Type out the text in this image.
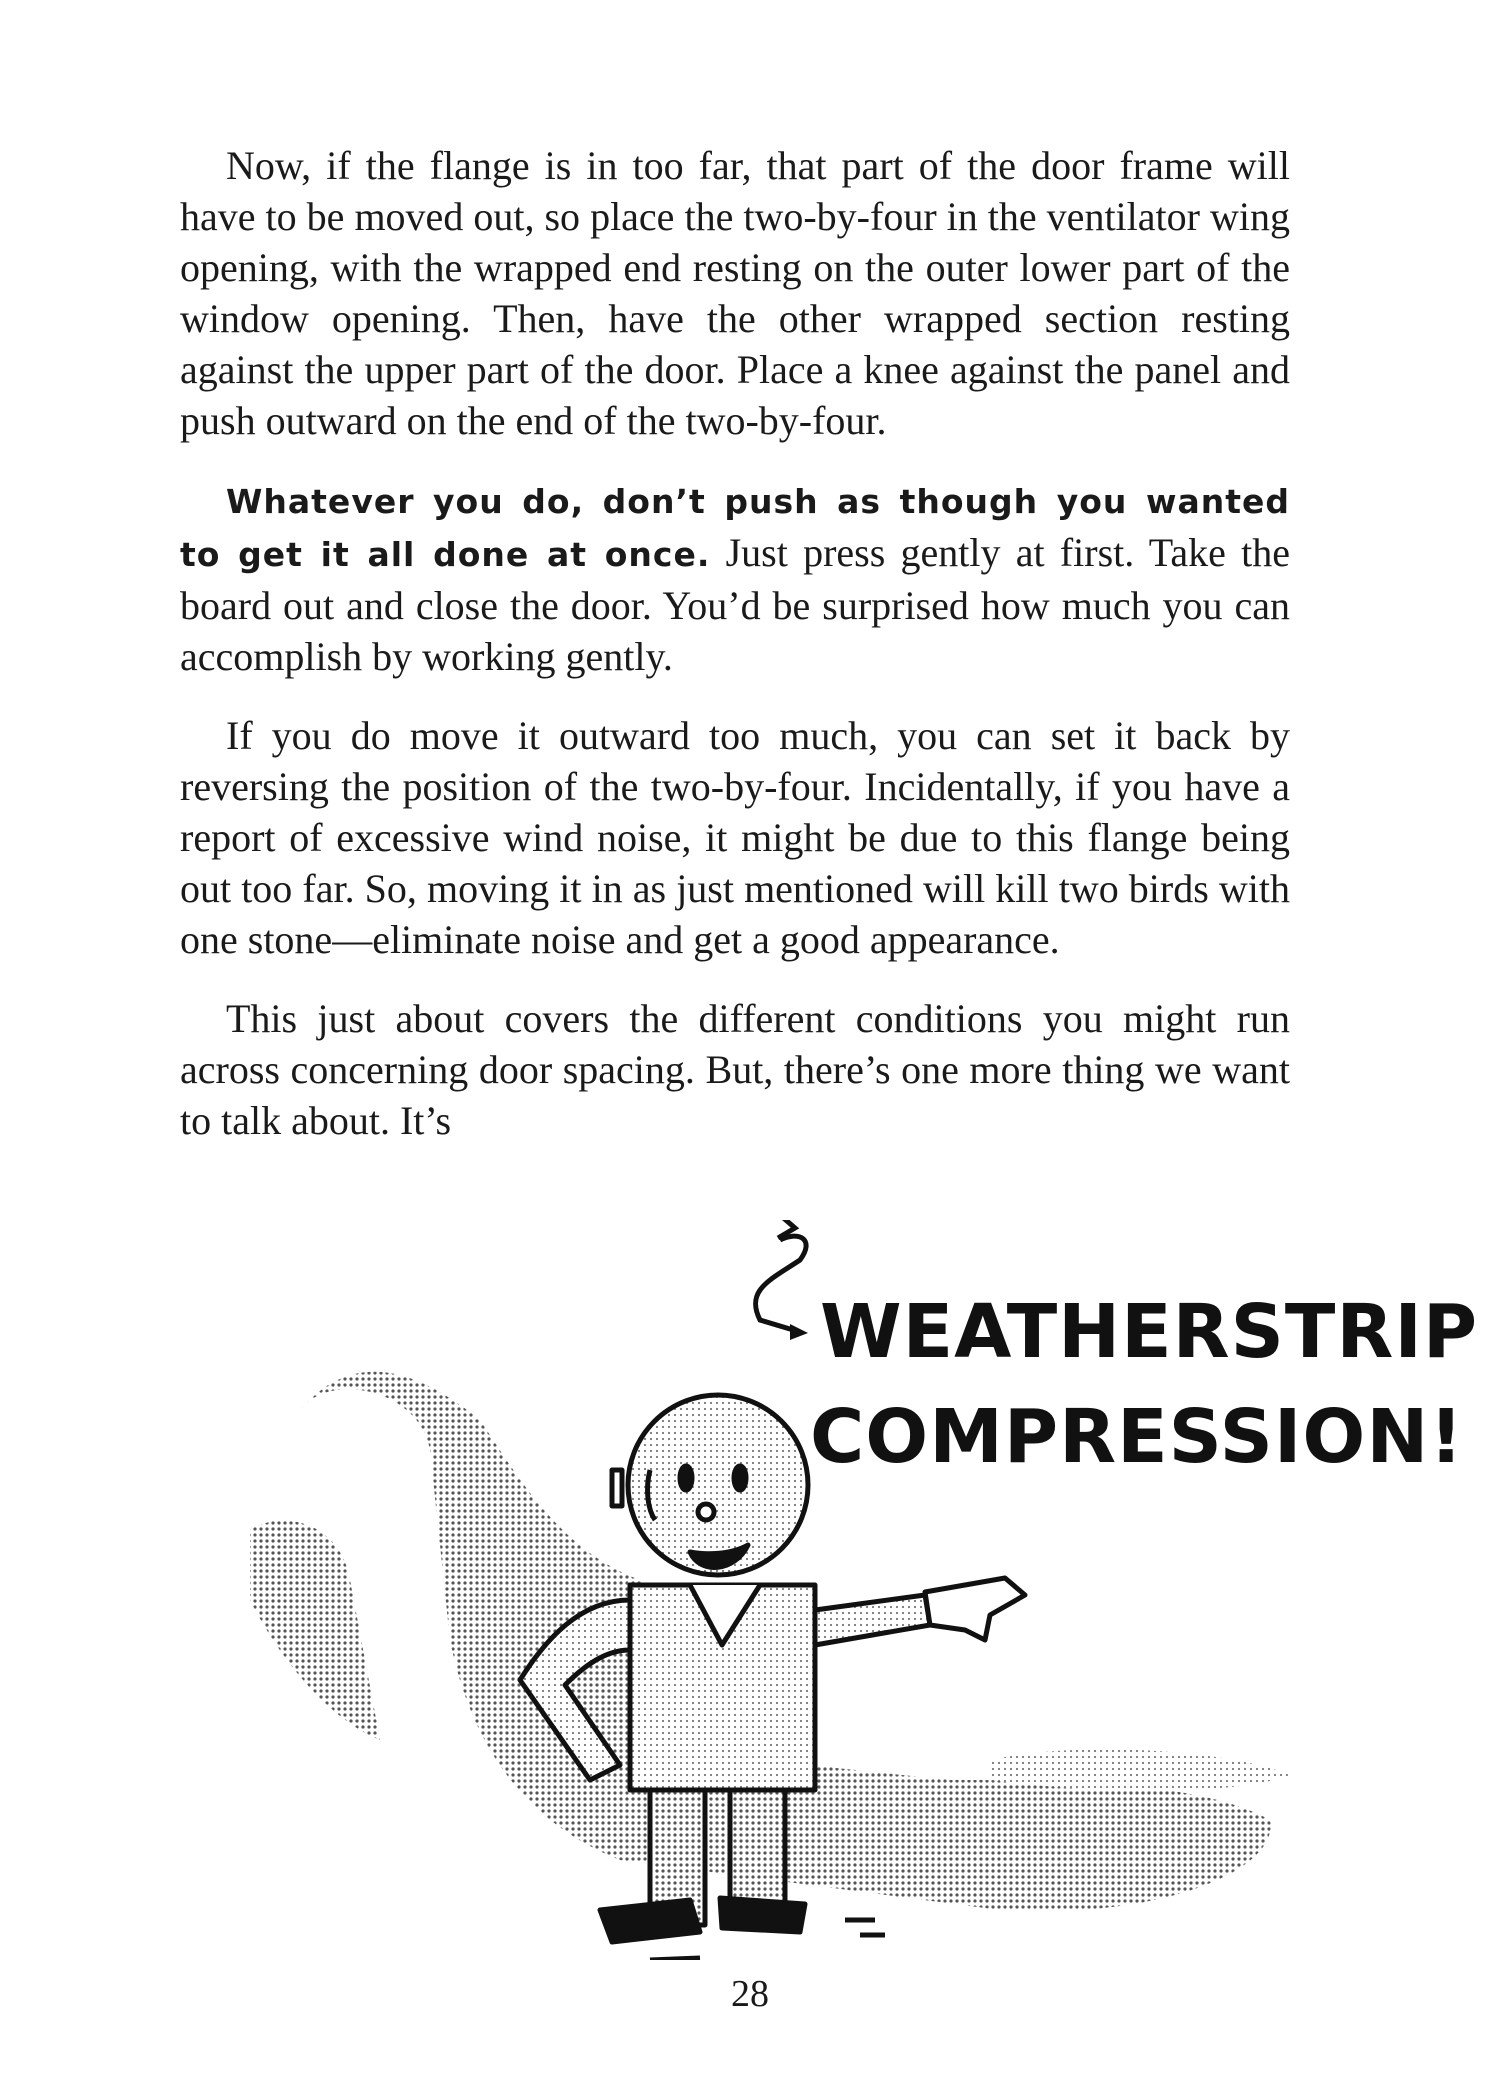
Now, if the flange is in too far, that part of the door frame will have to be moved out, so place the two-by-four in the ventilator wing opening, with the wrapped end resting on the outer lower part of the window opening. Then, have the other wrapped section resting against the upper part of the door. Place a knee against the panel and push outward on the end of the two-by-four.

Whatever you do, don’t push as though you wanted to get it all done at once. Just press gently at first. Take the board out and close the door. You’d be surprised how much you can accomplish by working gently.

If you do move it outward too much, you can set it back by reversing the position of the two-by-four. Incidentally, if you have a report of excessive wind noise, it might be due to this flange being out too far. So, moving it in as just mentioned will kill two birds with one stone—eliminate noise and get a good appearance.

This just about covers the different conditions you might run across concerning door spacing. But, there’s one more thing we want to talk about. It’s

WEATHERSTRIP
COMPRESSION!
28
